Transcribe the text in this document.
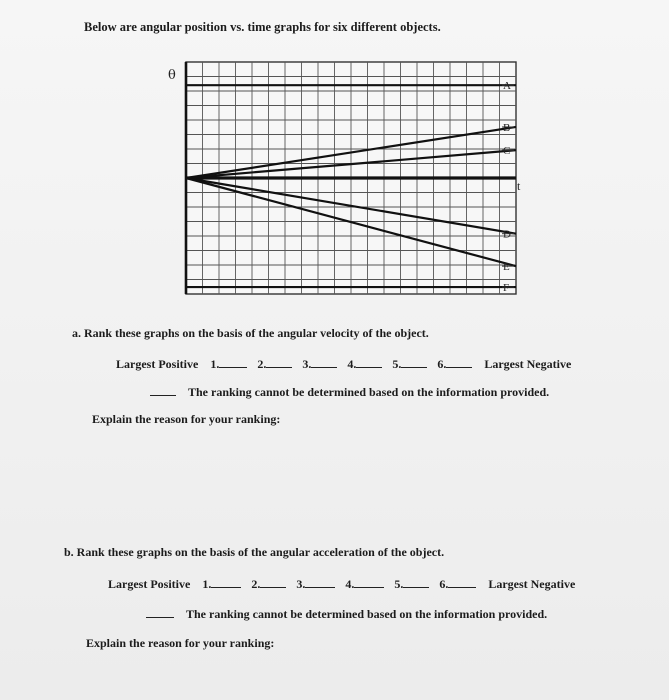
Below are angular position vs. time graphs for six different objects.
θ
t
A
B
C
D
E
F
a. Rank these graphs on the basis of the angular velocity of the object.
Largest Positive 1.	2.	3.	4.	5.	6.	Largest Negative
The ranking cannot be determined based on the information provided.
Explain the reason for your ranking:
b. Rank these graphs on the basis of the angular acceleration of the object.
Largest Positive 1.	2.	3.	4.	5.	6.	Largest Negative
The ranking cannot be determined based on the information provided.
Explain the reason for your ranking:
